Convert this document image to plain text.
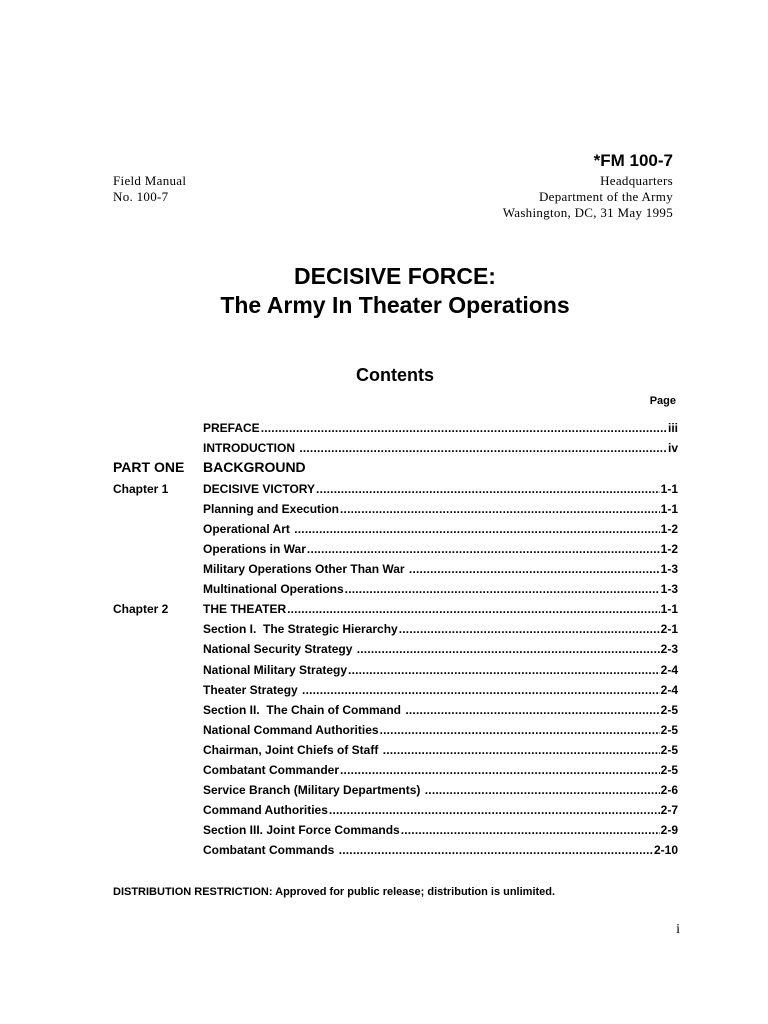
*FM 100-7
Field Manual
No. 100-7
Headquarters
Department of the Army
Washington, DC, 31 May 1995
DECISIVE FORCE:
The Army In Theater Operations
Contents
Page
PREFACE .....	iii
INTRODUCTION .....	iv
PART ONE BACKGROUND
Chapter 1	DECISIVE VICTORY .....	1-1
Planning and Execution .....	1-1
Operational Art .....	1-2
Operations in War .....	1-2
Military Operations Other Than War .....	1-3
Multinational Operations .....	1-3
Chapter 2	THE THEATER .....	1-1
Section I.  The Strategic Hierarchy .....	2-1
National Security Strategy .....	2-3
National Military Strategy .....	2-4
Theater Strategy .....	2-4
Section II.  The Chain of Command .....	2-5
National Command Authorities .....	2-5
Chairman, Joint Chiefs of Staff .....	2-5
Combatant Commander .....	2-5
Service Branch (Military Departments) .....	2-6
Command Authorities .....	2-7
Section III. Joint Force Commands .....	2-9
Combatant Commands .....	2-10
DISTRIBUTION RESTRICTION: Approved for public release; distribution is unlimited.
i
